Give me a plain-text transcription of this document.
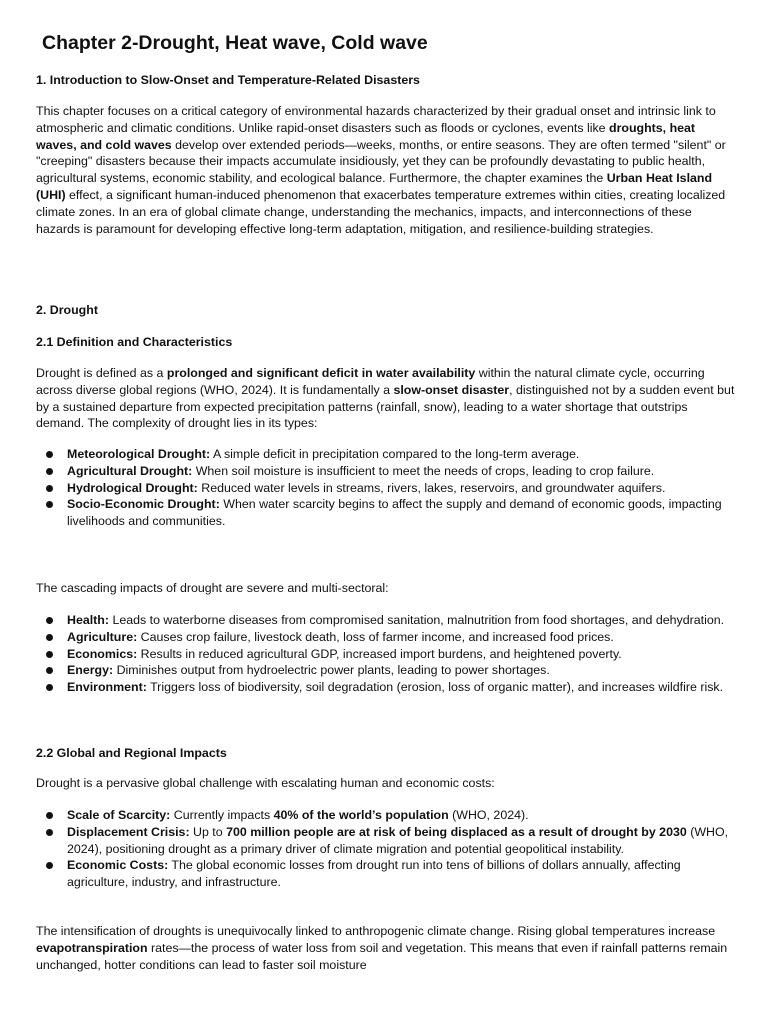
Chapter 2-Drought, Heat wave, Cold wave
1. Introduction to Slow-Onset and Temperature-Related Disasters

This chapter focuses on a critical category of environmental hazards characterized by their gradual onset and intrinsic link to atmospheric and climatic conditions. Unlike rapid-onset disasters such as floods or cyclones, events like droughts, heat waves, and cold waves develop over extended periods—weeks, months, or entire seasons. They are often termed "silent" or "creeping" disasters because their impacts accumulate insidiously, yet they can be profoundly devastating to public health, agricultural systems, economic stability, and ecological balance. Furthermore, the chapter examines the Urban Heat Island (UHI) effect, a significant human-induced phenomenon that exacerbates temperature extremes within cities, creating localized climate zones. In an era of global climate change, understanding the mechanics, impacts, and interconnections of these hazards is paramount for developing effective long-term adaptation, mitigation, and resilience-building strategies.

2. Drought
2.1 Definition and Characteristics

Drought is defined as a prolonged and significant deficit in water availability within the natural climate cycle, occurring across diverse global regions (WHO, 2024). It is fundamentally a slow-onset disaster, distinguished not by a sudden event but by a sustained departure from expected precipitation patterns (rainfall, snow), leading to a water shortage that outstrips demand. The complexity of drought lies in its types:

Meteorological Drought: A simple deficit in precipitation compared to the long-term average.
Agricultural Drought: When soil moisture is insufficient to meet the needs of crops, leading to crop failure.
Hydrological Drought: Reduced water levels in streams, rivers, lakes, reservoirs, and groundwater aquifers.
Socio-Economic Drought: When water scarcity begins to affect the supply and demand of economic goods, impacting livelihoods and communities.

The cascading impacts of drought are severe and multi-sectoral:

Health: Leads to waterborne diseases from compromised sanitation, malnutrition from food shortages, and dehydration.
Agriculture: Causes crop failure, livestock death, loss of farmer income, and increased food prices.
Economics: Results in reduced agricultural GDP, increased import burdens, and heightened poverty.
Energy: Diminishes output from hydroelectric power plants, leading to power shortages.
Environment: Triggers loss of biodiversity, soil degradation (erosion, loss of organic matter), and increases wildfire risk.
2.2 Global and Regional Impacts

Drought is a pervasive global challenge with escalating human and economic costs:

Scale of Scarcity: Currently impacts 40% of the world’s population (WHO, 2024).
Displacement Crisis: Up to 700 million people are at risk of being displaced as a result of drought by 2030 (WHO, 2024), positioning drought as a primary driver of climate migration and potential geopolitical instability.
Economic Costs: The global economic losses from drought run into tens of billions of dollars annually, affecting agriculture, industry, and infrastructure.

The intensification of droughts is unequivocally linked to anthropogenic climate change. Rising global temperatures increase evapotranspiration rates—the process of water loss from soil and vegetation. This means that even if rainfall patterns remain unchanged, hotter conditions can lead to faster soil moisture
